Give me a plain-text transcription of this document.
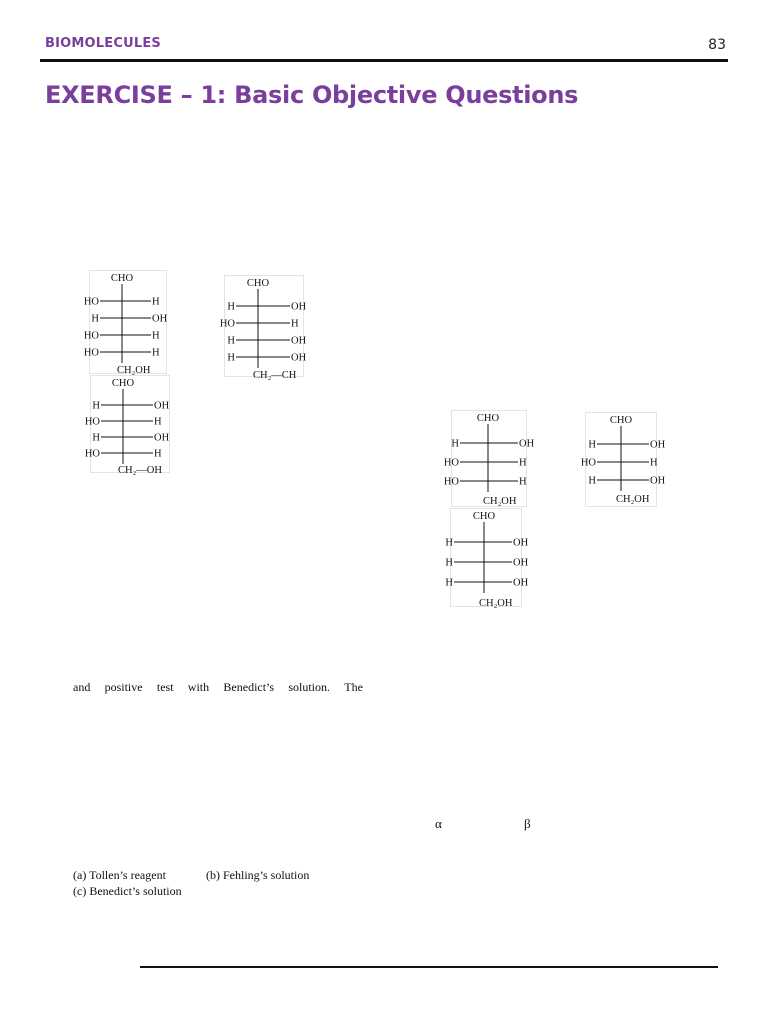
BIOMOLECULES	83
EXERCISE – 1: Basic Objective Questions
CHO
HO	H
H	OH
HO	H
HO	H
CH₂OH
CHO
H	OH
HO	H
H	OH
H	OH
CH₂—CH
CHO
H	OH
HO	H
H	OH
HO	H
CH₂—OH
CHO
H	OH
HO	H
HO	H
CH₂OH
CHO
H	OH
HO	H
H	OH
CH₂OH
CHO
H	OH
H	OH
H	OH
CH₂OH
and positive test with Benedict’s solution. The
α	β
(a) Tollen’s reagent	(b) Fehling’s solution
(c) Benedict’s solution
